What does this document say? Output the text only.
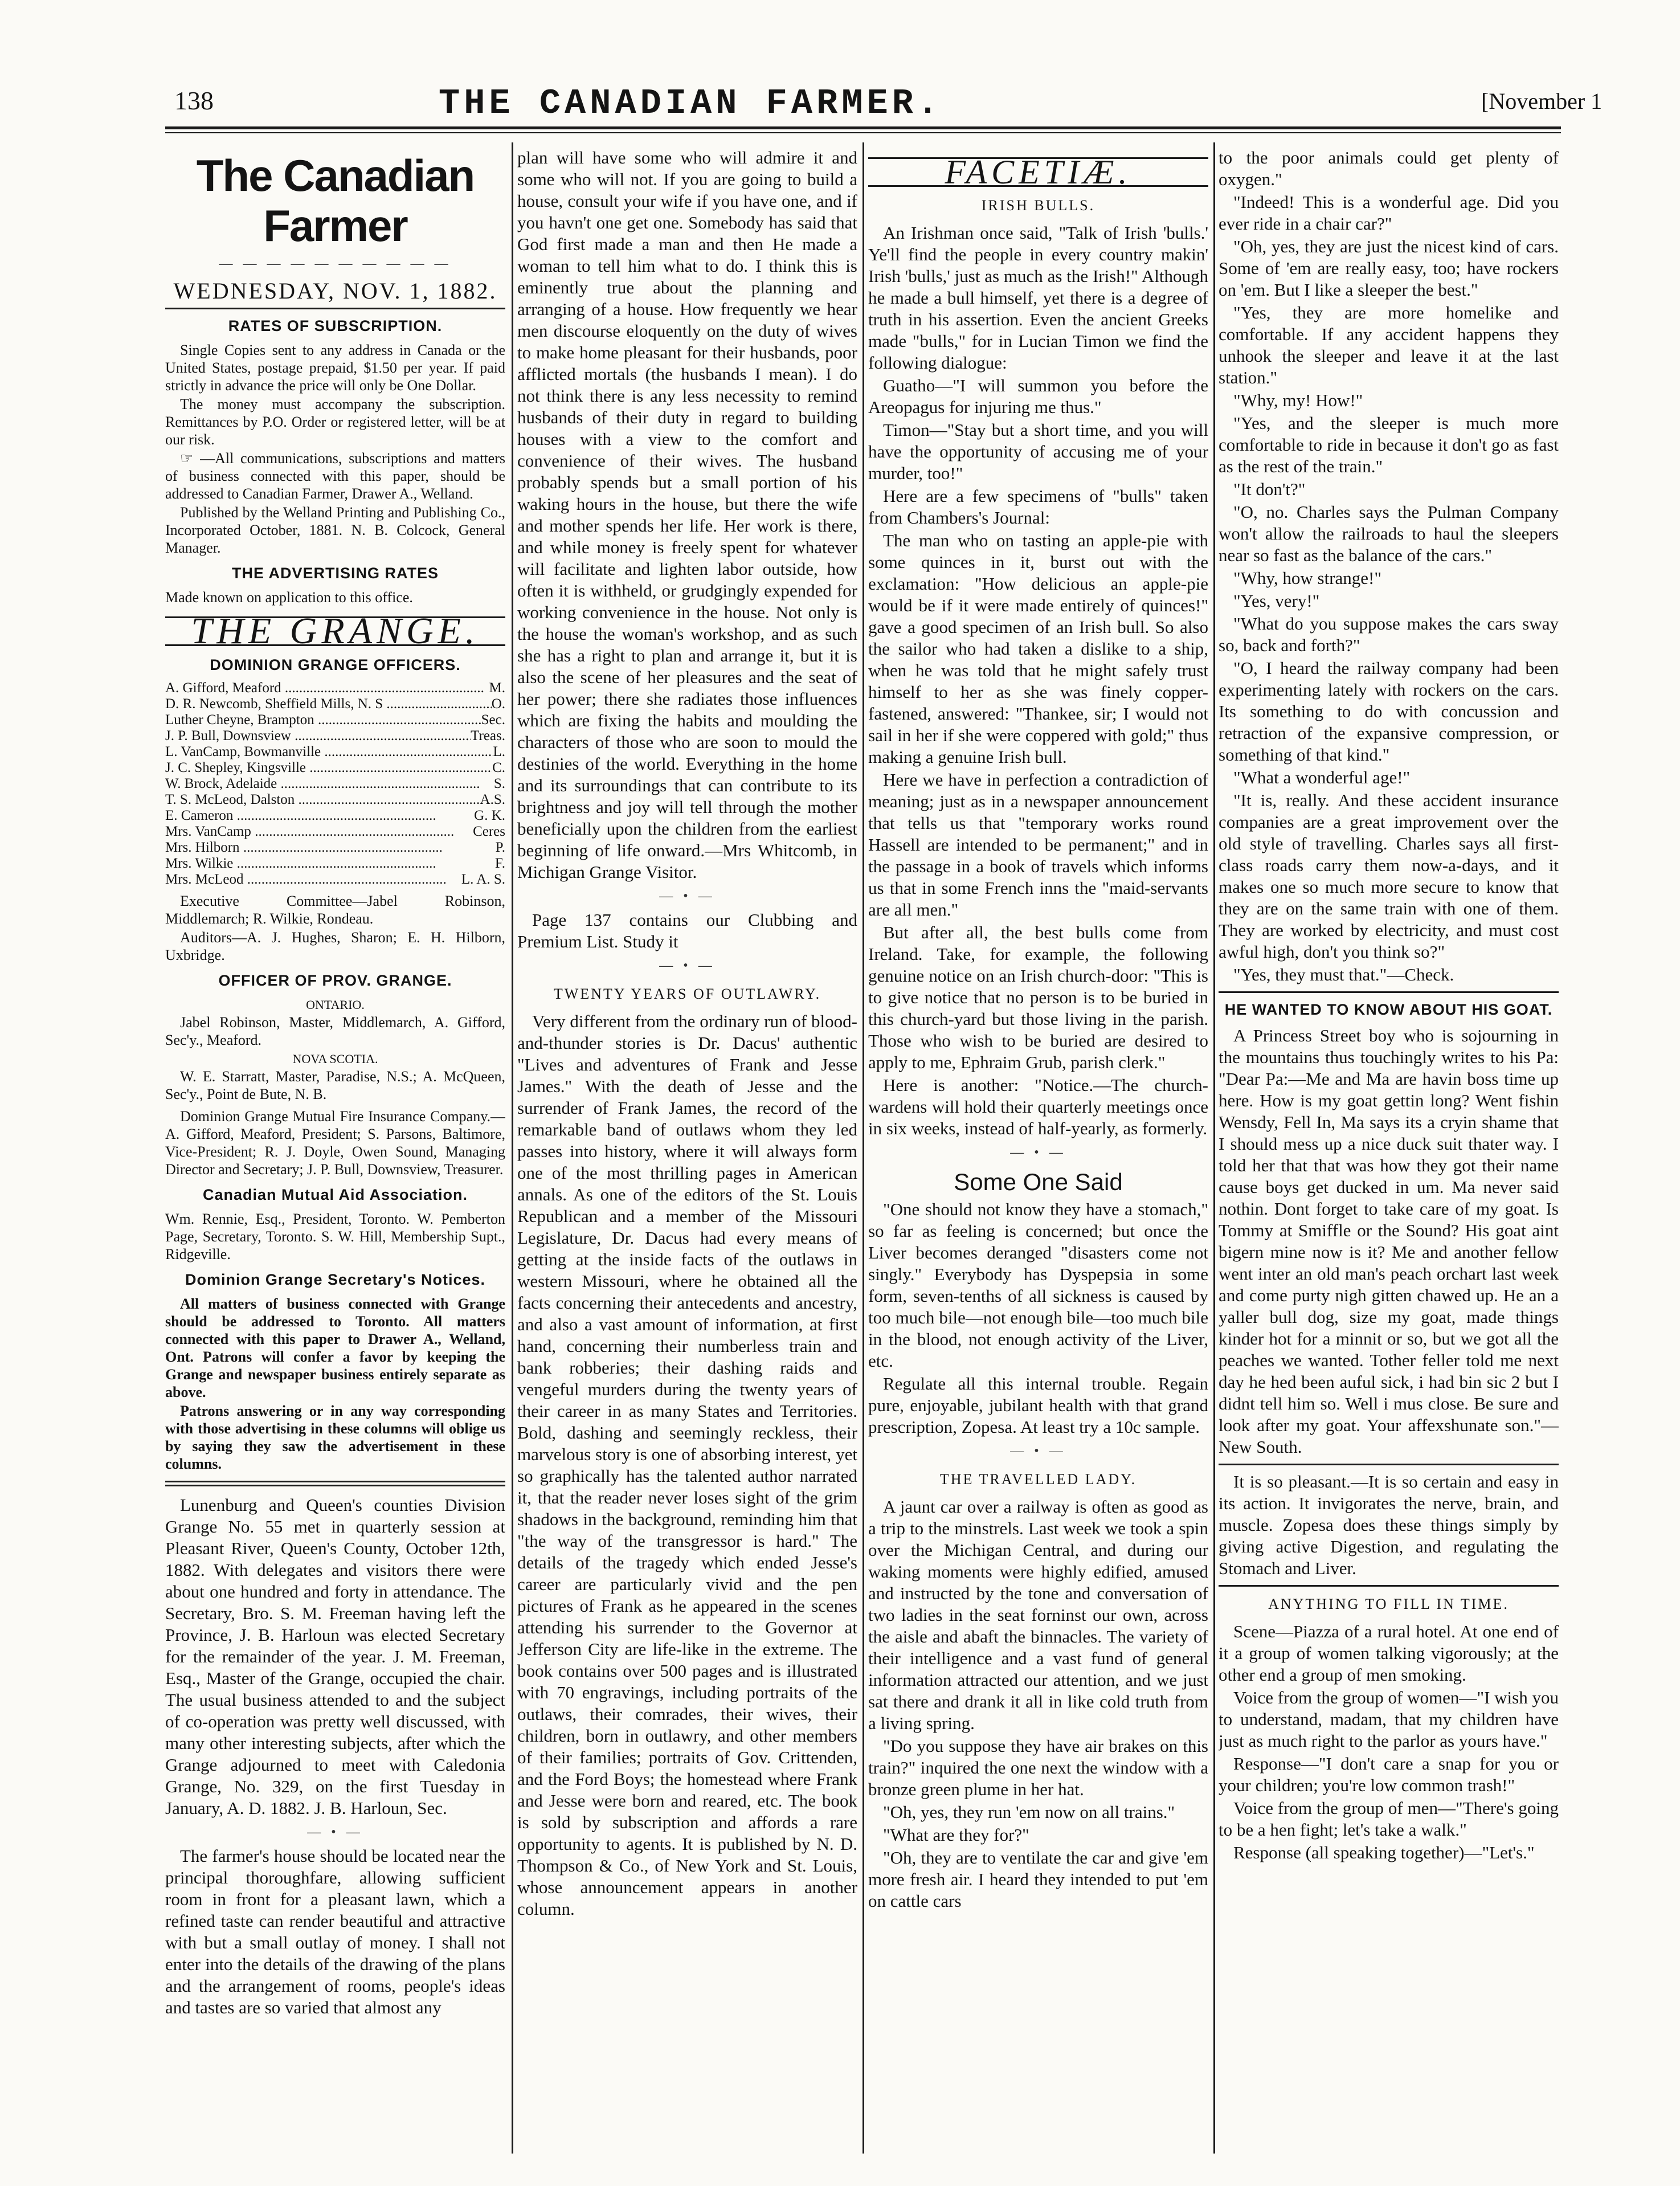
138	THE CANADIAN FARMER.	[November 1
The Canadian Farmer
— — — — — — — — — —
WEDNESDAY, NOV. 1, 1882.
RATES OF SUBSCRIPTION.

Single Copies sent to any address in Canada or the United States, postage prepaid, $1.50 per year. If paid strictly in advance the price will only be One Dollar.

The money must accompany the subscription. Remittances by P.O. Order or registered letter, will be at our risk.

☞ —All communications, subscriptions and matters of business connected with this paper, should be addressed to Canadian Farmer, Drawer A., Welland.

Published by the Welland Printing and Publishing Co., Incorporated October, 1881. N. B. Colcock, General Manager.

THE ADVERTISING RATES

Made known on application to this office.

THE GRANGE.
DOMINION GRANGE OFFICERS.
A. Gifford, Meaford .....	M.
D. R. Newcomb, Sheffield Mills, N. S .....	O.
Luther Cheyne, Brampton .....	Sec.
J. P. Bull, Downsview .....	Treas.
L. VanCamp, Bowmanville .....	L.
J. C. Shepley, Kingsville .....	C.
W. Brock, Adelaide .....	S.
T. S. McLeod, Dalston .....	A.S.
E. Cameron .....	G. K.
Mrs. VanCamp .....	Ceres
Mrs. Hilborn .....	P.
Mrs. Wilkie .....	F.
Mrs. McLeod .....	L. A. S.

Executive Committee—Jabel Robinson, Middlemarch; R. Wilkie, Rondeau.

Auditors—A. J. Hughes, Sharon; E. H. Hilborn, Uxbridge.

OFFICER OF PROV. GRANGE.
ONTARIO.

Jabel Robinson, Master, Middlemarch, A. Gifford, Sec'y., Meaford.

NOVA SCOTIA.

W. E. Starratt, Master, Paradise, N.S.; A. McQueen, Sec'y., Point de Bute, N. B.

Dominion Grange Mutual Fire Insurance Company.—A. Gifford, Meaford, President; S. Parsons, Baltimore, Vice-President; R. J. Doyle, Owen Sound, Managing Director and Secretary; J. P. Bull, Downsview, Treasurer.

Canadian Mutual Aid Association.

Wm. Rennie, Esq., President, Toronto. W. Pemberton Page, Secretary, Toronto. S. W. Hill, Membership Supt., Ridgeville.

Dominion Grange Secretary's Notices.

All matters of business connected with Grange should be addressed to Toronto. All matters connected with this paper to Drawer A., Welland, Ont. Patrons will confer a favor by keeping the Grange and newspaper business entirely separate as above.

Patrons answering or in any way corresponding with those advertising in these columns will oblige us by saying they saw the advertisement in these columns.

Lunenburg and Queen's counties Division Grange No. 55 met in quarterly session at Pleasant River, Queen's County, October 12th, 1882. With delegates and visitors there were about one hundred and forty in attendance. The Secretary, Bro. S. M. Freeman having left the Province, J. B. Harloun was elected Secretary for the remainder of the year. J. M. Freeman, Esq., Master of the Grange, occupied the chair. The usual business attended to and the subject of co-operation was pretty well discussed, with many other interesting subjects, after which the Grange adjourned to meet with Caledonia Grange, No. 329, on the first Tuesday in January, A. D. 1882. J. B. Harloun, Sec.

— • —

The farmer's house should be located near the principal thoroughfare, allowing sufficient room in front for a pleasant lawn, which a refined taste can render beautiful and attractive with but a small outlay of money. I shall not enter into the details of the drawing of the plans and the arrangement of rooms, people's ideas and tastes are so varied that almost any

plan will have some who will admire it and some who will not. If you are going to build a house, consult your wife if you have one, and if you havn't one get one. Somebody has said that God first made a man and then He made a woman to tell him what to do. I think this is eminently true about the planning and arranging of a house. How frequently we hear men discourse eloquently on the duty of wives to make home pleasant for their husbands, poor afflicted mortals (the husbands I mean). I do not think there is any less necessity to remind husbands of their duty in regard to building houses with a view to the comfort and convenience of their wives. The husband probably spends but a small portion of his waking hours in the house, but there the wife and mother spends her life. Her work is there, and while money is freely spent for whatever will facilitate and lighten labor outside, how often it is withheld, or grudgingly expended for working convenience in the house. Not only is the house the woman's workshop, and as such she has a right to plan and arrange it, but it is also the scene of her pleasures and the seat of her power; there she radiates those influences which are fixing the habits and moulding the characters of those who are soon to mould the destinies of the world. Everything in the home and its surroundings that can contribute to its brightness and joy will tell through the mother beneficially upon the children from the earliest beginning of life onward.—Mrs Whitcomb, in Michigan Grange Visitor.

— • —

Page 137 contains our Clubbing and Premium List. Study it

— • —
TWENTY YEARS OF OUTLAWRY.

Very different from the ordinary run of blood-and-thunder stories is Dr. Dacus' authentic "Lives and adventures of Frank and Jesse James." With the death of Jesse and the surrender of Frank James, the record of the remarkable band of outlaws whom they led passes into history, where it will always form one of the most thrilling pages in American annals. As one of the editors of the St. Louis Republican and a member of the Missouri Legislature, Dr. Dacus had every means of getting at the inside facts of the outlaws in western Missouri, where he obtained all the facts concerning their antecedents and ancestry, and also a vast amount of information, at first hand, concerning their numberless train and bank robberies; their dashing raids and vengeful murders during the twenty years of their career in as many States and Territories. Bold, dashing and seemingly reckless, their marvelous story is one of absorbing interest, yet so graphically has the talented author narrated it, that the reader never loses sight of the grim shadows in the background, reminding him that "the way of the transgressor is hard." The details of the tragedy which ended Jesse's career are particularly vivid and the pen pictures of Frank as he appeared in the scenes attending his surrender to the Governor at Jefferson City are life-like in the extreme. The book contains over 500 pages and is illustrated with 70 engravings, including portraits of the outlaws, their comrades, their wives, their children, born in outlawry, and other members of their families; portraits of Gov. Crittenden, and the Ford Boys; the homestead where Frank and Jesse were born and reared, etc. The book is sold by subscription and affords a rare opportunity to agents. It is published by N. D. Thompson & Co., of New York and St. Louis, whose announcement appears in another column.

FACETIÆ.
IRISH BULLS.

An Irishman once said, "Talk of Irish 'bulls.' Ye'll find the people in every country makin' Irish 'bulls,' just as much as the Irish!" Although he made a bull himself, yet there is a degree of truth in his assertion. Even the ancient Greeks made "bulls," for in Lucian Timon we find the following dialogue:

Guatho—"I will summon you before the Areopagus for injuring me thus."

Timon—"Stay but a short time, and you will have the opportunity of accusing me of your murder, too!"

Here are a few specimens of "bulls" taken from Chambers's Journal:

The man who on tasting an apple-pie with some quinces in it, burst out with the exclamation: "How delicious an apple-pie would be if it were made entirely of quinces!" gave a good specimen of an Irish bull. So also the sailor who had taken a dislike to a ship, when he was told that he might safely trust himself to her as she was finely copper-fastened, answered: "Thankee, sir; I would not sail in her if she were coppered with gold;" thus making a genuine Irish bull.

Here we have in perfection a contradiction of meaning; just as in a newspaper announcement that tells us that "temporary works round Hassell are intended to be permanent;" and in the passage in a book of travels which informs us that in some French inns the "maid-servants are all men."

But after all, the best bulls come from Ireland. Take, for example, the following genuine notice on an Irish church-door: "This is to give notice that no person is to be buried in this church-yard but those living in the parish. Those who wish to be buried are desired to apply to me, Ephraim Grub, parish clerk."

Here is another: "Notice.—The church-wardens will hold their quarterly meetings once in six weeks, instead of half-yearly, as formerly.

— • —
Some One Said

"One should not know they have a stomach," so far as feeling is concerned; but once the Liver becomes deranged "disasters come not singly." Everybody has Dyspepsia in some form, seven-tenths of all sickness is caused by too much bile—not enough bile—too much bile in the blood, not enough activity of the Liver, etc.

Regulate all this internal trouble. Regain pure, enjoyable, jubilant health with that grand prescription, Zopesa. At least try a 10c sample.

— • —
THE TRAVELLED LADY.

A jaunt car over a railway is often as good as a trip to the minstrels. Last week we took a spin over the Michigan Central, and during our waking moments were highly edified, amused and instructed by the tone and conversation of two ladies in the seat forninst our own, across the aisle and abaft the binnacles. The variety of their intelligence and a vast fund of general information attracted our attention, and we just sat there and drank it all in like cold truth from a living spring.

"Do you suppose they have air brakes on this train?" inquired the one next the window with a bronze green plume in her hat.

"Oh, yes, they run 'em now on all trains."

"What are they for?"

"Oh, they are to ventilate the car and give 'em more fresh air. I heard they intended to put 'em on cattle cars

to the poor animals could get plenty of oxygen."

"Indeed! This is a wonderful age. Did you ever ride in a chair car?"

"Oh, yes, they are just the nicest kind of cars. Some of 'em are really easy, too; have rockers on 'em. But I like a sleeper the best."

"Yes, they are more homelike and comfortable. If any accident happens they unhook the sleeper and leave it at the last station."

"Why, my! How!"

"Yes, and the sleeper is much more comfortable to ride in because it don't go as fast as the rest of the train."

"It don't?"

"O, no. Charles says the Pulman Company won't allow the railroads to haul the sleepers near so fast as the balance of the cars."

"Why, how strange!"

"Yes, very!"

"What do you suppose makes the cars sway so, back and forth?"

"O, I heard the railway company had been experimenting lately with rockers on the cars. Its something to do with concussion and retraction of the expansive compression, or something of that kind."

"What a wonderful age!"

"It is, really. And these accident insurance companies are a great improvement over the old style of travelling. Charles says all first-class roads carry them now-a-days, and it makes one so much more secure to know that they are on the same train with one of them. They are worked by electricity, and must cost awful high, don't you think so?"

"Yes, they must that."—Check.

HE WANTED TO KNOW ABOUT HIS GOAT.

A Princess Street boy who is sojourning in the mountains thus touchingly writes to his Pa: "Dear Pa:—Me and Ma are havin boss time up here. How is my goat gettin long? Went fishin Wensdy, Fell In, Ma says its a cryin shame that I should mess up a nice duck suit thater way. I told her that that was how they got their name cause boys get ducked in um. Ma never said nothin. Dont forget to take care of my goat. Is Tommy at Smiffle or the Sound? His goat aint bigern mine now is it? Me and another fellow went inter an old man's peach orchart last week and come purty nigh gitten chawed up. He an a yaller bull dog, size my goat, made things kinder hot for a minnit or so, but we got all the peaches we wanted. Tother feller told me next day he hed been auful sick, i had bin sic 2 but I didnt tell him so. Well i mus close. Be sure and look after my goat. Your affexshunate son."—New South.

It is so pleasant.—It is so certain and easy in its action. It invigorates the nerve, brain, and muscle. Zopesa does these things simply by giving active Digestion, and regulating the Stomach and Liver.

ANYTHING TO FILL IN TIME.

Scene—Piazza of a rural hotel. At one end of it a group of women talking vigorously; at the other end a group of men smoking.

Voice from the group of women—"I wish you to understand, madam, that my children have just as much right to the parlor as yours have."

Response—"I don't care a snap for you or your children; you're low common trash!"

Voice from the group of men—"There's going to be a hen fight; let's take a walk."

Response (all speaking together)—"Let's."
